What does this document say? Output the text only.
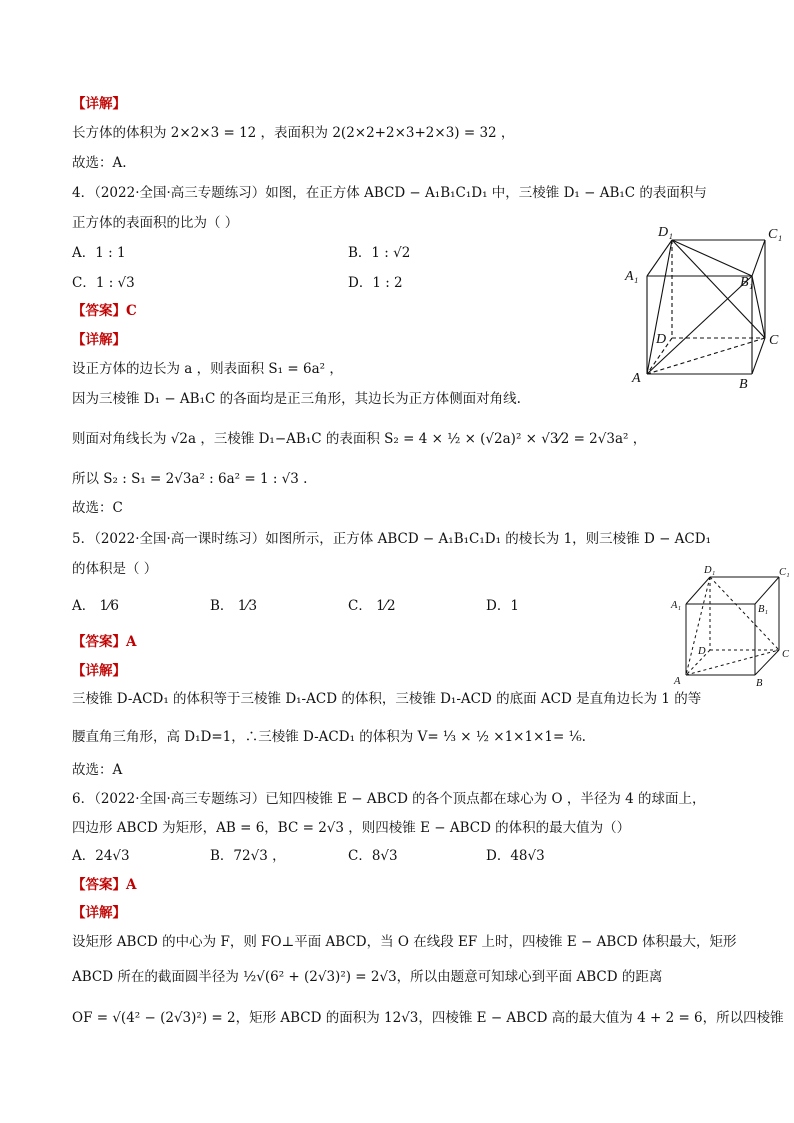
【详解】
长方体的体积为 2×2×3 = 12 ，表面积为 2(2×2+2×3+2×3) = 32 ，
故选：A.
4．（2022·全国·高三专题练习）如图，在正方体 ABCD − A₁B₁C₁D₁ 中，三棱锥 D₁ − AB₁C 的表面积与
正方体的表面积的比为（ ）
【答案】C
【详解】
设正方体的边长为 a ，则表面积 S₁ = 6a² ，
因为三棱锥 D₁ − AB₁C 的各面均是正三角形，其边长为正方体侧面对角线.
则面对角线长为 √2a ，三棱锥 D₁−AB₁C 的表面积 S₂ = 4 × ½ × (√2a)² × √3⁄2 = 2√3a² ，
所以 S₂ : S₁ = 2√3a² : 6a² = 1 : √3 .
故选：C
5．（2022·全国·高一课时练习）如图所示，正方体 ABCD − A₁B₁C₁D₁ 的棱长为 1，则三棱锥 D − ACD₁
的体积是（ ）
【答案】A
【详解】
三棱锥 D-ACD₁ 的体积等于三棱锥 D₁-ACD 的体积，三棱锥 D₁-ACD 的底面 ACD 是直角边长为 1 的等
腰直角三角形，高 D₁D=1，∴三棱锥 D-ACD₁ 的体积为 V= ⅓ × ½ ×1×1×1= ⅙.
故选：A
6．（2022·全国·高三专题练习）已知四棱锥 E − ABCD 的各个顶点都在球心为 O ，半径为 4 的球面上，
四边形 ABCD 为矩形，AB = 6，BC = 2√3 ，则四棱锥 E − ABCD 的体积的最大值为（）
【答案】A
【详解】
设矩形 ABCD 的中心为 F，则 FO⊥平面 ABCD，当 O 在线段 EF 上时，四棱锥 E − ABCD 体积最大，矩形
ABCD 所在的截面圆半径为 ½√(6² + (2√3)²) = 2√3，所以由题意可知球心到平面 ABCD 的距离
OF = √(4² − (2√3)²) = 2，矩形 ABCD 的面积为 12√3，四棱锥 E − ABCD 高的最大值为 4 + 2 = 6，所以四棱锥
A．1 : 1	B．1 : √2
C．1 : √3	D．1 : 2
A． 1⁄6	B． 1⁄3	C． 1⁄2	D．1
A．24√3	B．72√3 ，	C．8√3	D．48√3
D₁	C₁
A₁	B₁
D	C
A	B
D₁	C₁
A₁	B₁
D	C
A	B
